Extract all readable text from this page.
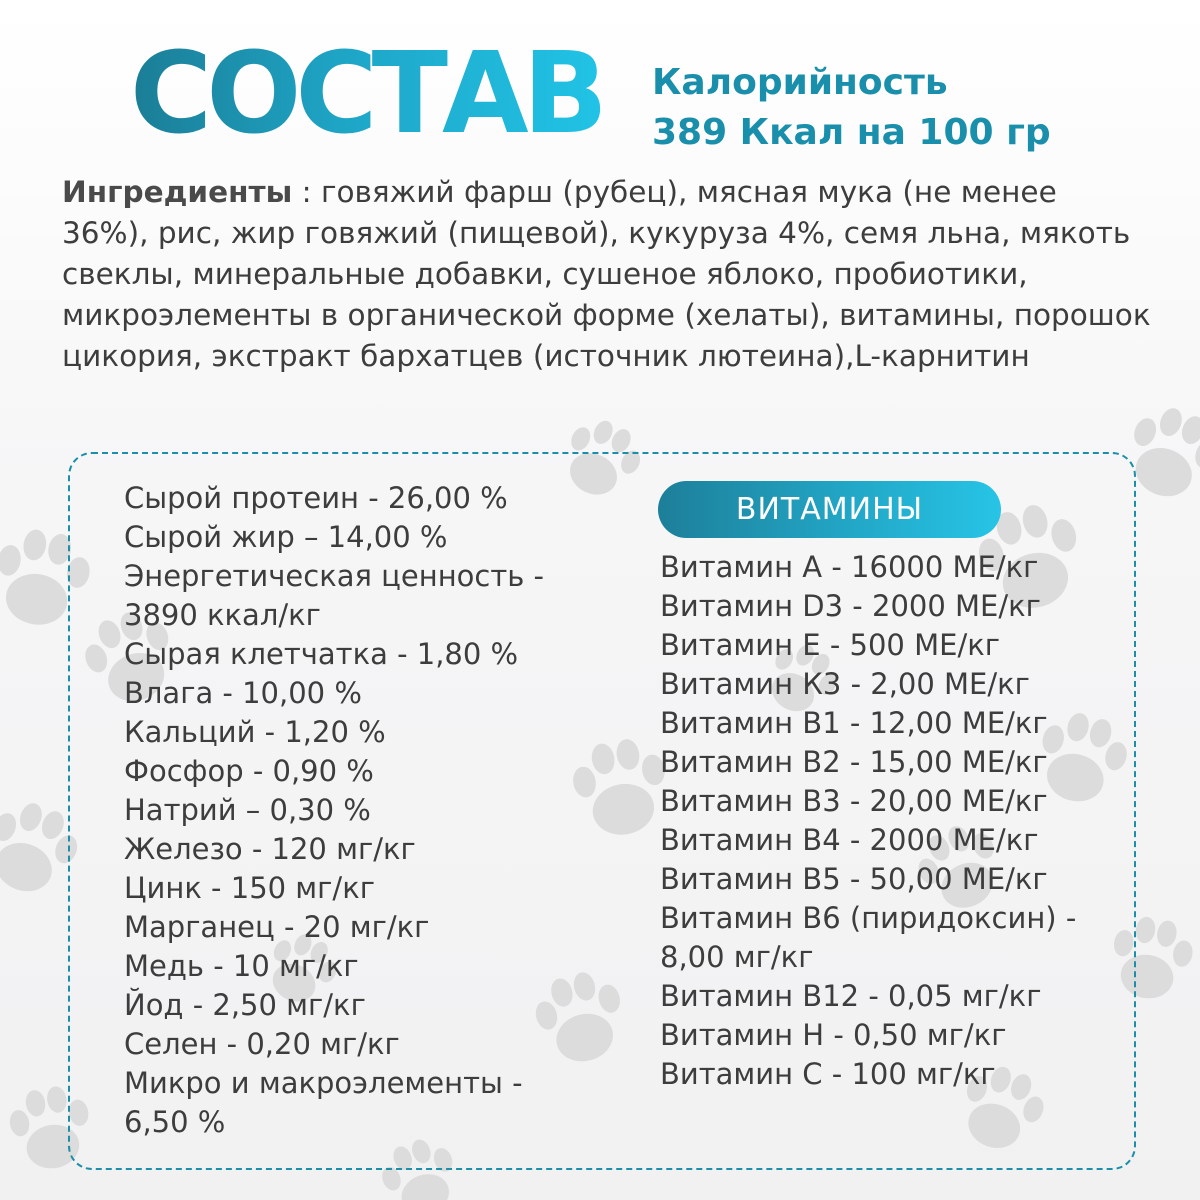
СОСТАВ Калорийность
389 Ккал на 100 гр

Ингредиенты : говяжий фарш (рубец), мясная мука (не менее 36%), рис, жир говяжий (пищевой), кукуруза 4%, семя льна, мякоть свеклы, минеральные добавки, сушеное яблоко, пробиотики, микроэлементы в органической форме (хелаты), витамины, порошок цикория, экстракт бархатцев (источник лютеина),L-карнитин

Сырой протеин - 26,00 %
Сырой жир – 14,00 %
Энергетическая ценность -
3890 ккал/кг
Сырая клетчатка - 1,80 %
Влага - 10,00 %
Кальций - 1,20 %
Фосфор - 0,90 %
Натрий – 0,30 %
Железо - 120 мг/кг
Цинк - 150 мг/кг
Марганец - 20 мг/кг
Медь - 10 мг/кг
Йод - 2,50 мг/кг
Селен - 0,20 мг/кг
Микро и макроэлементы -
6,50 %
ВИТАМИНЫ
Витамин А - 16000 МЕ/кг
Витамин D3 - 2000 МЕ/кг
Витамин Е - 500 МЕ/кг
Витамин К3 - 2,00 МЕ/кг
Витамин В1 - 12,00 МЕ/кг
Витамин В2 - 15,00 МЕ/кг
Витамин В3 - 20,00 МЕ/кг
Витамин В4 - 2000 МЕ/кг
Витамин В5 - 50,00 МЕ/кг
Витамин В6 (пиридоксин) -
8,00 мг/кг
Витамин В12 - 0,05 мг/кг
Витамин Н - 0,50 мг/кг
Витамин С - 100 мг/кг
